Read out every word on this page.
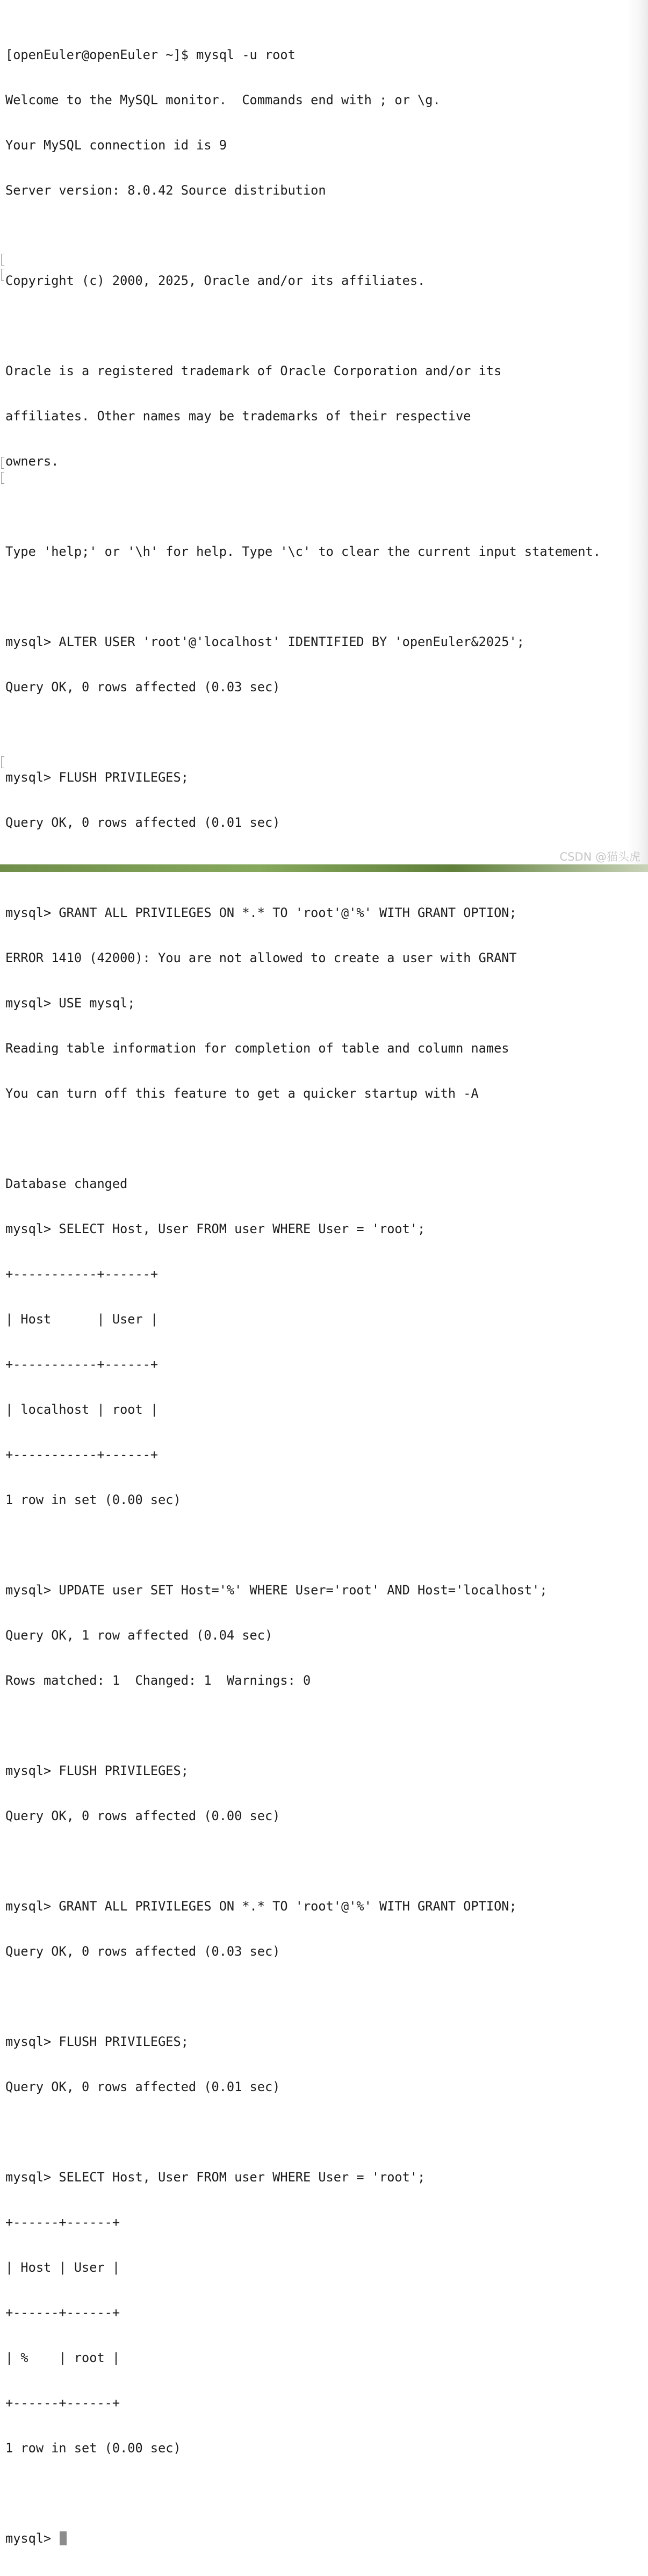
[openEuler@openEuler ~]$ mysql -u root

Welcome to the MySQL monitor.  Commands end with ; or \g.

Your MySQL connection id is 9

Server version: 8.0.42 Source distribution

Copyright (c) 2000, 2025, Oracle and/or its affiliates.

Oracle is a registered trademark of Oracle Corporation and/or its

affiliates. Other names may be trademarks of their respective

owners.

Type 'help;' or '\h' for help. Type '\c' to clear the current input statement.

mysql> ALTER USER 'root'@'localhost' IDENTIFIED BY 'openEuler&2025';

Query OK, 0 rows affected (0.03 sec)

mysql> FLUSH PRIVILEGES;

Query OK, 0 rows affected (0.01 sec)

mysql> GRANT ALL PRIVILEGES ON *.* TO 'root'@'%' WITH GRANT OPTION;

ERROR 1410 (42000): You are not allowed to create a user with GRANT

mysql> USE mysql;

Reading table information for completion of table and column names

You can turn off this feature to get a quicker startup with -A

Database changed

mysql> SELECT Host, User FROM user WHERE User = 'root';

+-----------+------+

| Host      | User |

+-----------+------+

| localhost | root |

+-----------+------+

1 row in set (0.00 sec)

mysql> UPDATE user SET Host='%' WHERE User='root' AND Host='localhost';

Query OK, 1 row affected (0.04 sec)

Rows matched: 1  Changed: 1  Warnings: 0

mysql> FLUSH PRIVILEGES;

Query OK, 0 rows affected (0.00 sec)

mysql> GRANT ALL PRIVILEGES ON *.* TO 'root'@'%' WITH GRANT OPTION;

Query OK, 0 rows affected (0.03 sec)

mysql> FLUSH PRIVILEGES;

Query OK, 0 rows affected (0.01 sec)

mysql> SELECT Host, User FROM user WHERE User = 'root';

+------+------+

| Host | User |

+------+------+

| %    | root |

+------+------+

1 row in set (0.00 sec)

mysql>

CSDN @猫头虎
